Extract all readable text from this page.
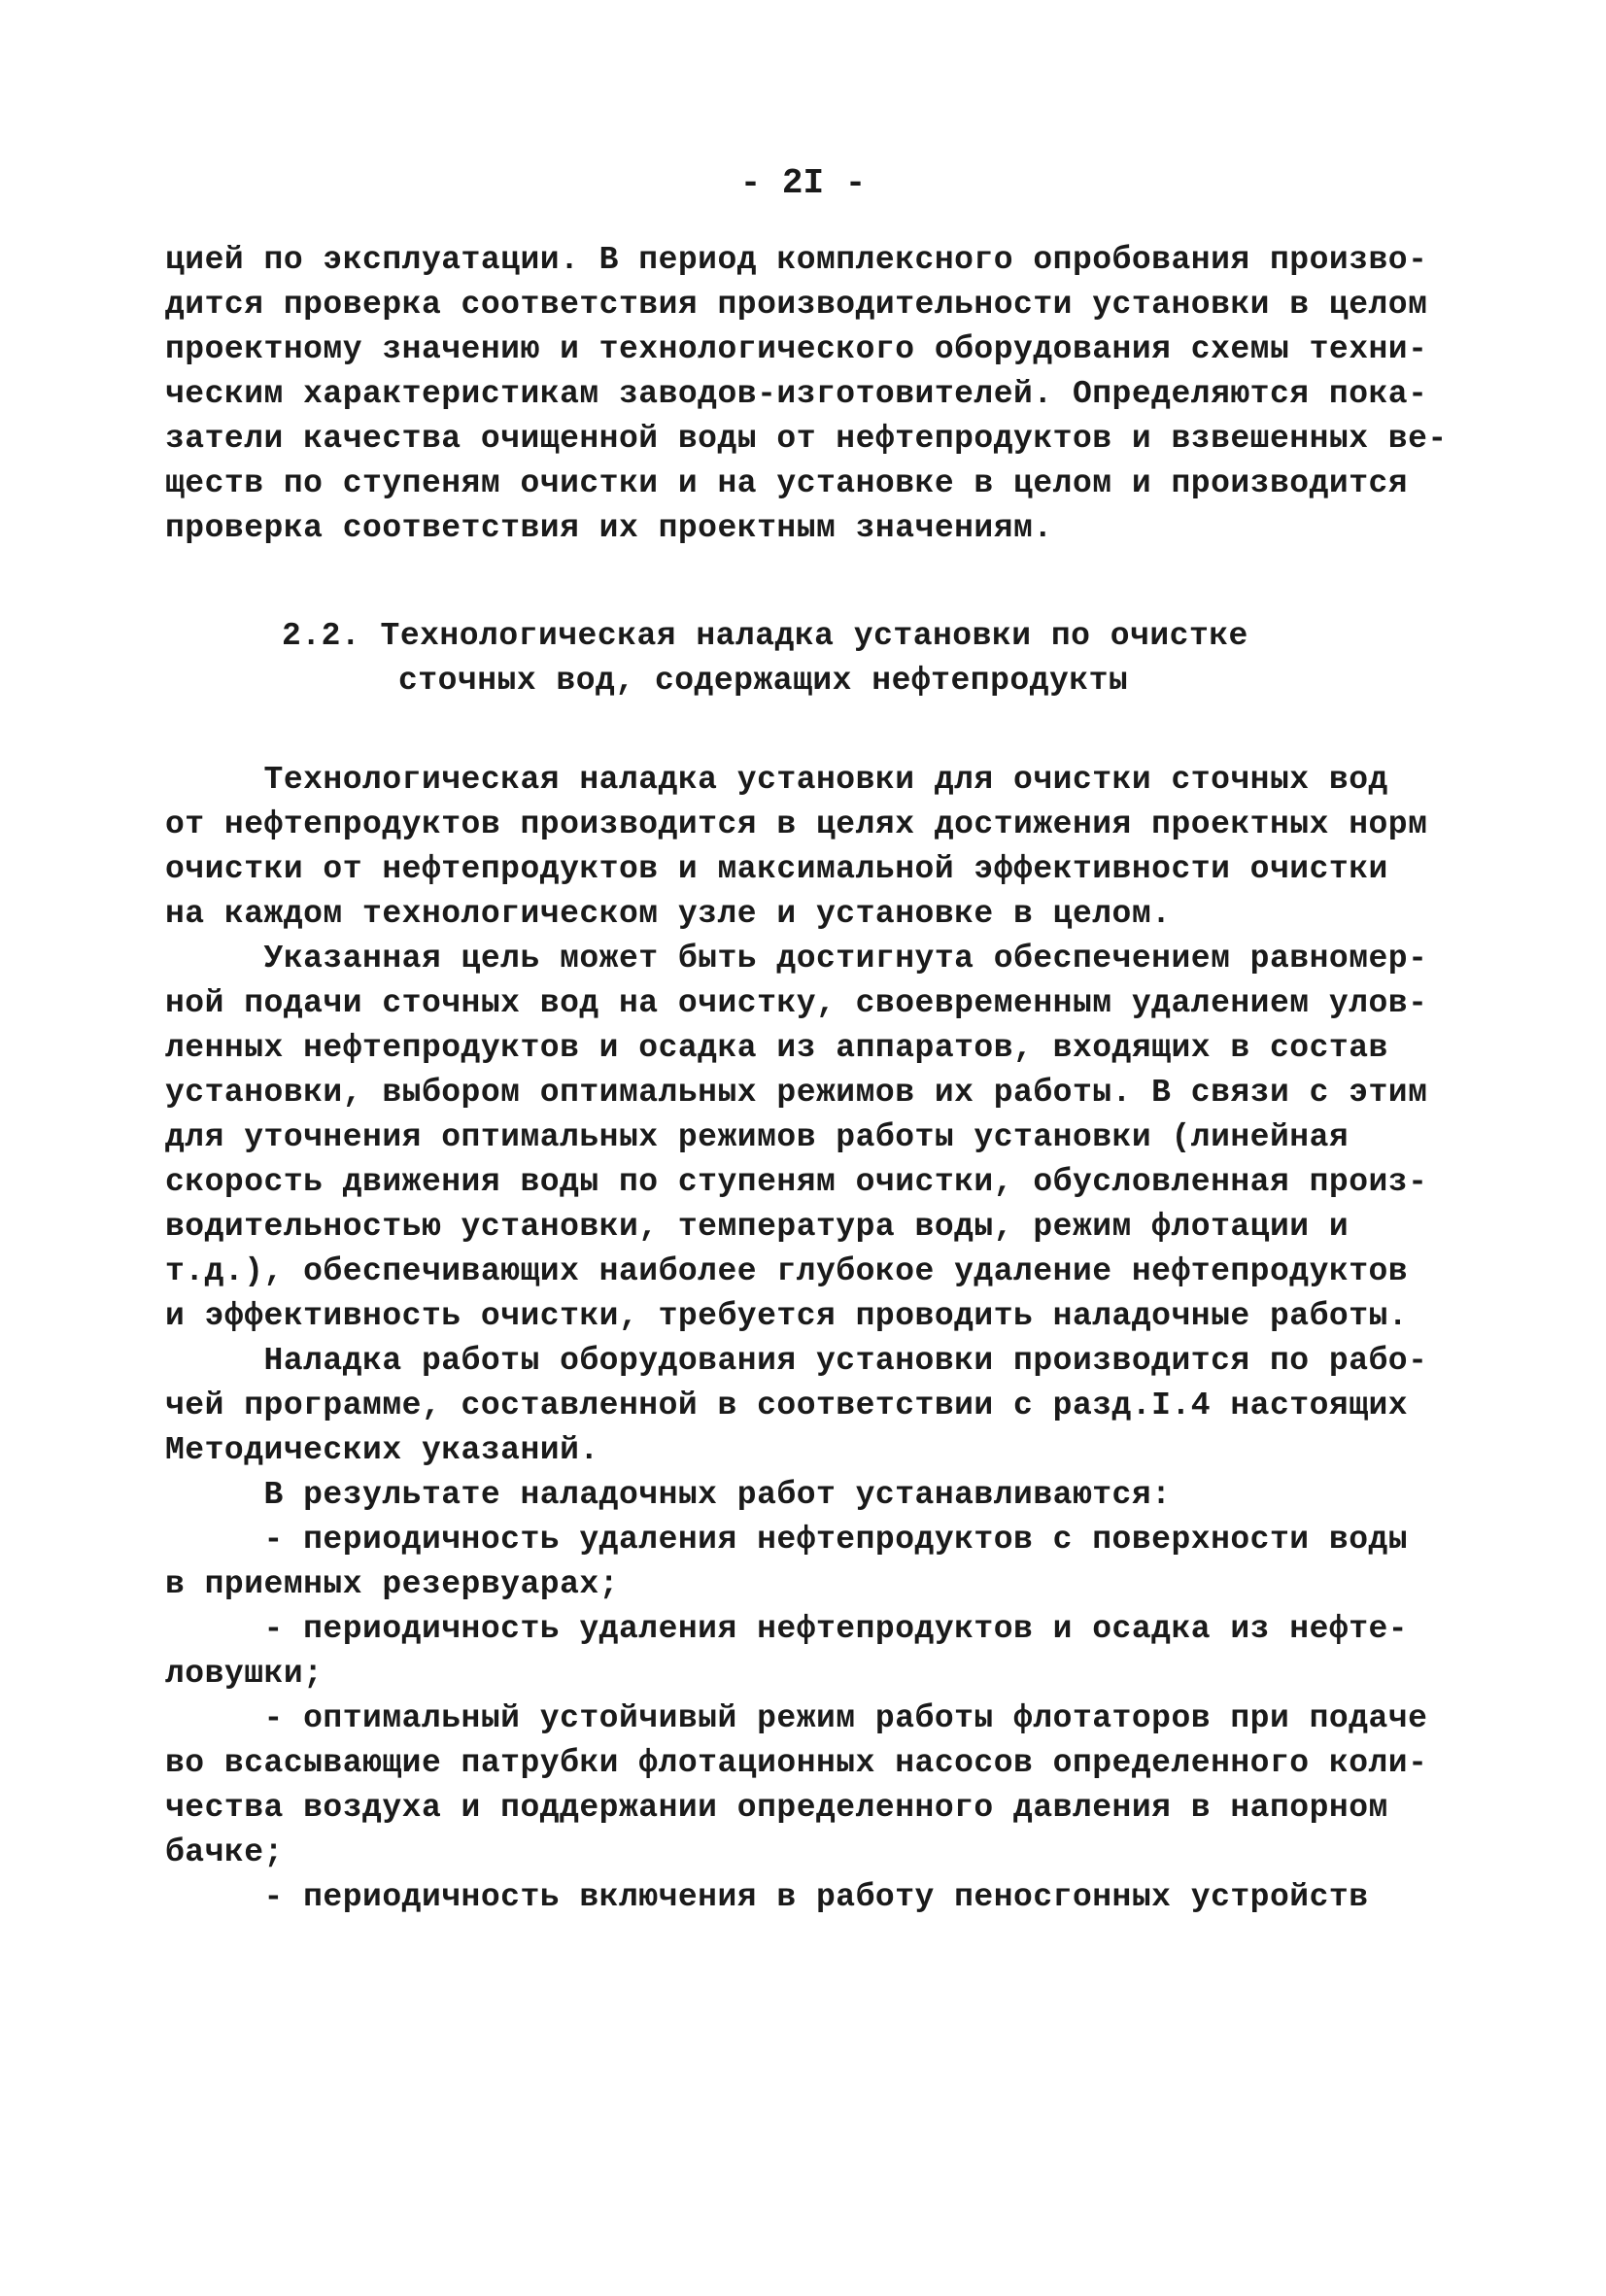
- 2I -
цией по эксплуатации. В период комплексного опробования произво-
дится проверка соответствия производительности установки в целом
проектному значению и технологического оборудования схемы техни-
ческим характеристикам заводов-изготовителей. Определяются пока-
затели качества очищенной воды от нефтепродуктов и взвешенных ве-
ществ по ступеням очистки и на установке в целом и производится
проверка соответствия их проектным значениям.
2.2. Технологическая наладка установки по очистке
сточных вод, содержащих нефтепродукты
Технологическая наладка установки для очистки сточных вод
от нефтепродуктов производится в целях достижения проектных норм
очистки от нефтепродуктов и максимальной эффективности очистки
на каждом технологическом узле и установке в целом.
Указанная цель может быть достигнута обеспечением равномер-
ной подачи сточных вод на очистку, своевременным удалением улов-
ленных нефтепродуктов и осадка из аппаратов, входящих в состав
установки, выбором оптимальных режимов их работы. В связи с этим
для уточнения оптимальных режимов работы установки (линейная
скорость движения воды по ступеням очистки, обусловленная произ-
водительностью установки, температура воды, режим флотации и
т.д.), обеспечивающих наиболее глубокое удаление нефтепродуктов
и эффективность очистки, требуется проводить наладочные работы.
Наладка работы оборудования установки производится по рабо-
чей программе, составленной в соответствии с разд.I.4 настоящих
Методических указаний.
В результате наладочных работ устанавливаются:
- периодичность удаления нефтепродуктов с поверхности воды
в приемных резервуарах;
- периодичность удаления нефтепродуктов и осадка из нефте-
ловушки;
- оптимальный устойчивый режим работы флотаторов при подаче
во всасывающие патрубки флотационных насосов определенного коли-
чества воздуха и поддержании определенного давления в напорном
бачке;
- периодичность включения в работу пеносгонных устройств
